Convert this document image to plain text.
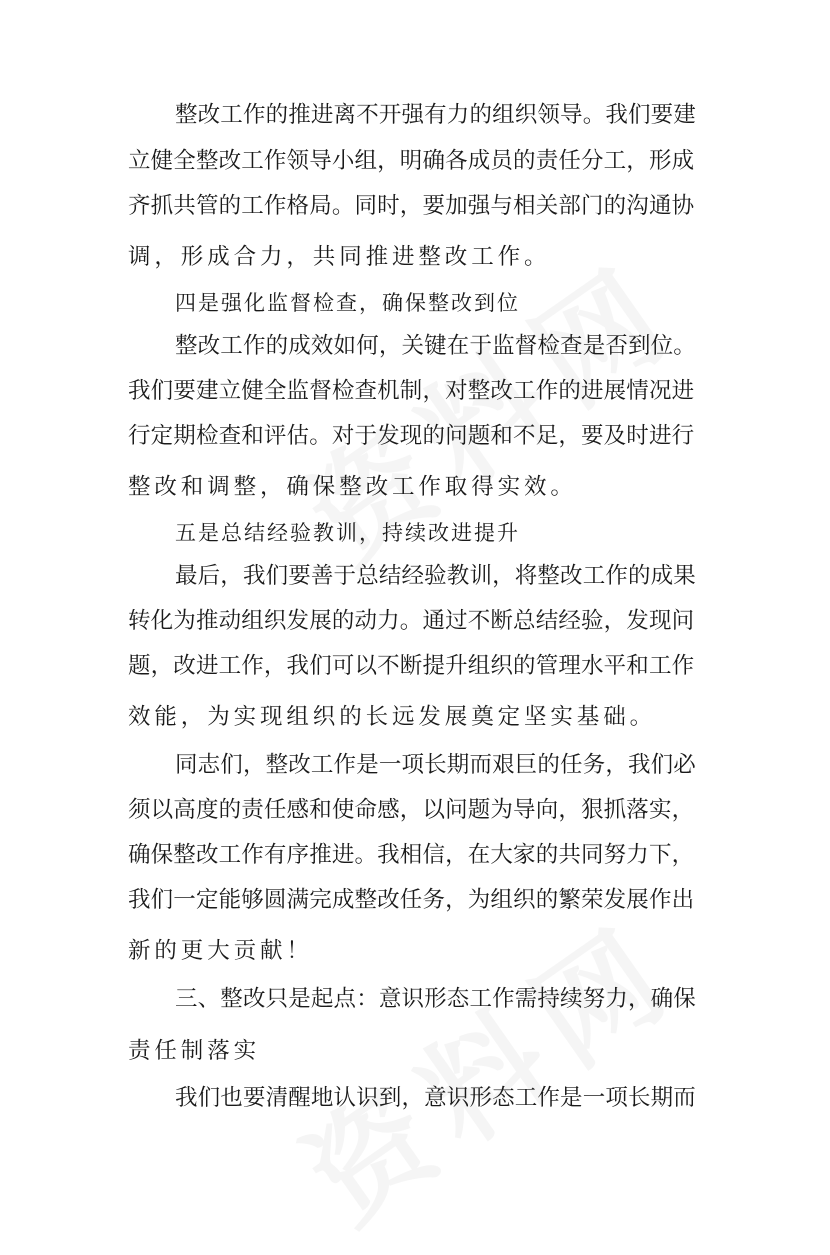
整改工作的推进离不开强有力的组织领导。我们要建

立健全整改工作领导小组，明确各成员的责任分工，形成

齐抓共管的工作格局。同时，要加强与相关部门的沟通协

调，形成合力，共同推进整改工作。

四是强化监督检查，确保整改到位

整改工作的成效如何，关键在于监督检查是否到位。

我们要建立健全监督检查机制，对整改工作的进展情况进

行定期检查和评估。对于发现的问题和不足，要及时进行

整改和调整，确保整改工作取得实效。

五是总结经验教训，持续改进提升

最后，我们要善于总结经验教训，将整改工作的成果

转化为推动组织发展的动力。通过不断总结经验，发现问

题，改进工作，我们可以不断提升组织的管理水平和工作

效能，为实现组织的长远发展奠定坚实基础。

同志们，整改工作是一项长期而艰巨的任务，我们必

须以高度的责任感和使命感，以问题为导向，狠抓落实，

确保整改工作有序推进。我相信，在大家的共同努力下，

我们一定能够圆满完成整改任务，为组织的繁荣发展作出

新的更大贡献！

三、整改只是起点：意识形态工作需持续努力，确保

责任制落实

我们也要清醒地认识到，意识形态工作是一项长期而
